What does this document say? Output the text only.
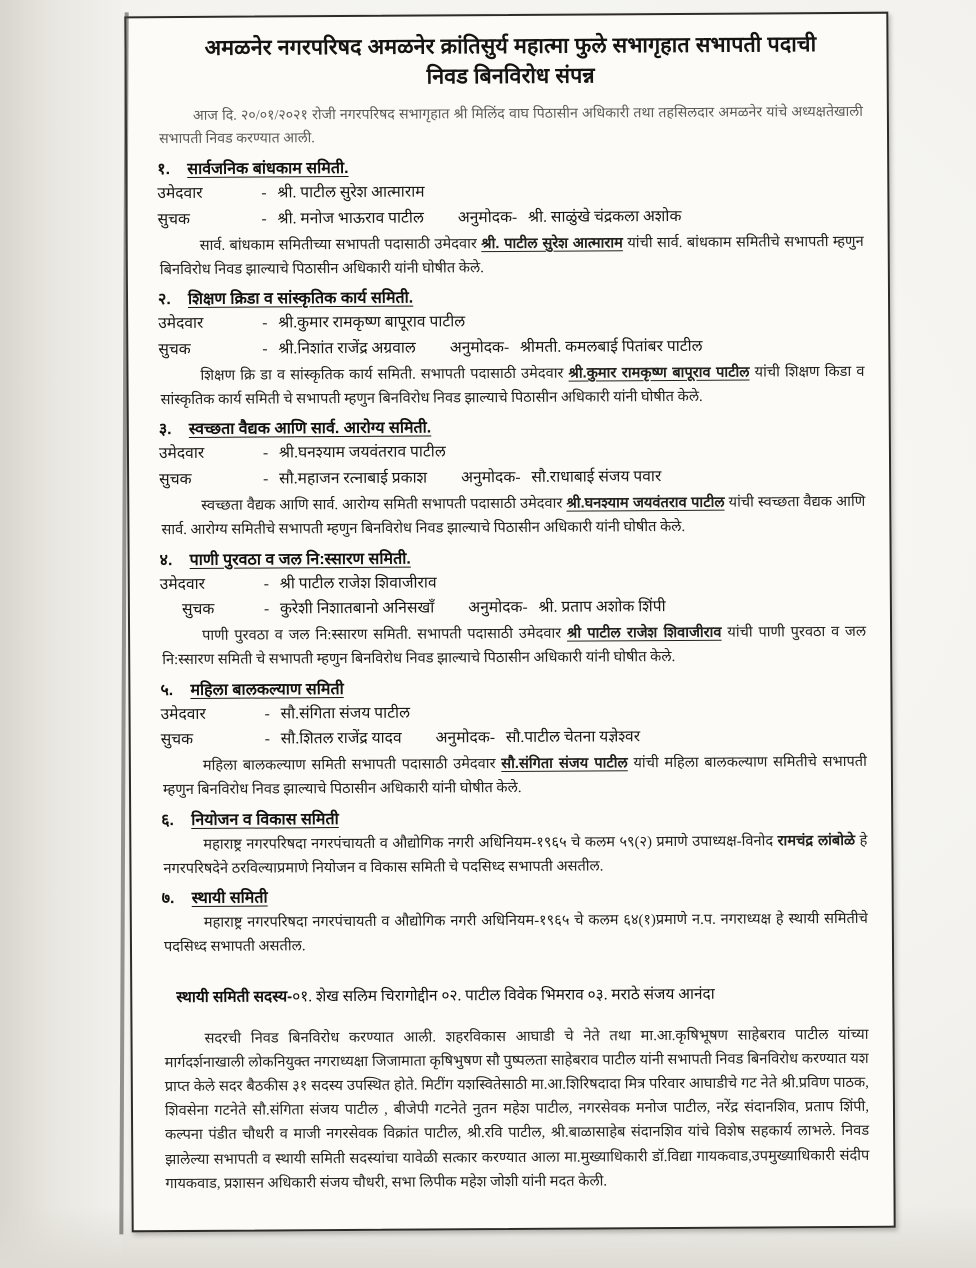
अमळनेर नगरपरिषद अमळनेर क्रांतिसुर्य महात्मा फुले सभागृहात सभापती पदाची
निवड बिनविरोध संपन्न

आज दि. २०/०१/२०२१ रोजी नगरपरिषद सभागृहात श्री मिलिंद वाघ पिठासीन अधिकारी तथा तहसिलदार अमळनेर यांचे अध्यक्षतेखाली सभापती निवड करण्यात आली.

१.	सार्वजनिक बांधकाम समिती.
उमेदवार	- श्री. पाटील सुरेश आत्माराम
सुचक	- श्री. मनोज भाऊराव पाटील अनुमोदक - श्री. साळुंखे चंद्रकला अशोक

सार्व. बांधकाम समितीच्या सभापती पदासाठी उमेदवार श्री. पाटील सुरेश आत्माराम यांची सार्व. बांधकाम समितीचे सभापती म्हणुन बिनविरोध निवड झाल्याचे पिठासीन अधिकारी यांनी घोषीत केले.

२.	शिक्षण क्रिडा व सांस्कृतिक कार्य समिती.
उमेदवार	- श्री.कुमार रामकृष्ण बापूराव पाटील
सुचक	- श्री.निशांत राजेंद्र अग्रवाल अनुमोदक - श्रीमती. कमलबाई पितांबर पाटील

शिक्षण क्रि डा व सांस्कृतिक कार्य समिती. सभापती पदासाठी उमेदवार श्री.कुमार रामकृष्ण बापूराव पाटील यांची शिक्षण किडा व सांस्कृतिक कार्य समिती चे सभापती म्हणुन बिनविरोध निवड झाल्याचे पिठासीन अधिकारी यांनी घोषीत केले.

३.	स्वच्छता वैद्यक आणि सार्व. आरोग्य समिती.
उमेदवार	- श्री.घनश्याम जयवंतराव पाटील
सुचक	- सौ.महाजन रत्नाबाई प्रकाश अनुमोदक - सौ.राधाबाई संजय पवार

स्वच्छता वैद्यक आणि सार्व. आरोग्य समिती सभापती पदासाठी उमेदवार श्री.घनश्याम जयवंतराव पाटील यांची स्वच्छता वैद्यक आणि सार्व. आरोग्य समितीचे सभापती म्हणुन बिनविरोध निवड झाल्याचे पिठासीन अधिकारी यांनी घोषीत केले.

४.	पाणी पुरवठा व जल नि:स्सारण समिती.
उमेदवार	- श्री पाटील राजेश शिवाजीराव
सुचक	- कुरेशी निशातबानो अनिसखाँ अनुमोदक - श्री. प्रताप अशोक शिंपी

पाणी पुरवठा व जल नि:स्सारण समिती. सभापती पदासाठी उमेदवार श्री पाटील राजेश शिवाजीराव यांची पाणी पुरवठा व जल नि:स्सारण समिती चे सभापती म्हणुन बिनविरोध निवड झाल्याचे पिठासीन अधिकारी यांनी घोषीत केले.

५.	महिला बालकल्याण समिती
उमेदवार	- सौ.संगिता संजय पाटील
सुचक	- सौ.शितल राजेंद्र यादव अनुमोदक - सौ.पाटील चेतना यज्ञेश्वर

महिला बालकल्याण समिती सभापती पदासाठी उमेदवार सौ.संगिता संजय पाटील यांची महिला बालकल्याण समितीचे सभापती म्हणुन बिनविरोध निवड झाल्याचे पिठासीन अधिकारी यांनी घोषीत केले.

६.	नियोजन व विकास समिती

महाराष्ट्र नगरपरिषदा नगरपंचायती व औद्योगिक नगरी अधिनियम-१९६५ चे कलम ५९(२) प्रमाणे उपाध्यक्ष-विनोद रामचंद्र लांबोळे हे नगरपरिषदेने ठरविल्याप्रमाणे नियोजन व विकास समिती चे पदसिध्द सभापती असतील.

७.	स्थायी समिती

महाराष्ट्र नगरपरिषदा नगरपंचायती व औद्योगिक नगरी अधिनियम-१९६५ चे कलम ६४(१)प्रमाणे न.प. नगराध्यक्ष हे स्थायी समितीचे पदसिध्द सभापती असतील.

स्थायी समिती सदस्य-०१. शेख सलिम चिरागोद्दीन ०२. पाटील विवेक भिमराव ०३. मराठे संजय आनंदा

सदरची निवड बिनविरोध करण्यात आली. शहरविकास आघाडी चे नेते तथा मा.आ.कृषिभूषण साहेबराव पाटील यांच्या मार्गदर्शनाखाली लोकनियुक्त नगराध्यक्षा जिजामाता कृषिभुषण सौ पुष्पलता साहेबराव पाटील यांनी सभापती निवड बिनविरोध करण्यात यश प्राप्त केले सदर बैठकीस ३१ सदस्य उपस्थित होते. मिटींग यशस्वितेसाठी मा.आ.शिरिषदादा मित्र परिवार आघाडीचे गट नेते श्री.प्रविण पाठक, शिवसेना गटनेते सौ.संगिता संजय पाटील , बीजेपी गटनेते नुतन महेश पाटील, नगरसेवक मनोज पाटील, नरेंद्र संदानशिव, प्रताप शिंपी, कल्पना पंडीत चौधरी व माजी नगरसेवक विक्रांत पाटील, श्री.रवि पाटील, श्री.बाळासाहेब संदानशिव यांचे विशेष सहकार्य लाभले. निवड झालेल्या सभापती व स्थायी समिती सदस्यांचा यावेळी सत्कार करण्यात आला मा.मुख्याधिकारी डॉ.विद्या गायकवाड,उपमुख्याधिकारी संदीप गायकवाड, प्रशासन अधिकारी संजय चौधरी, सभा लिपीक महेश जोशी यांनी मदत केली.
